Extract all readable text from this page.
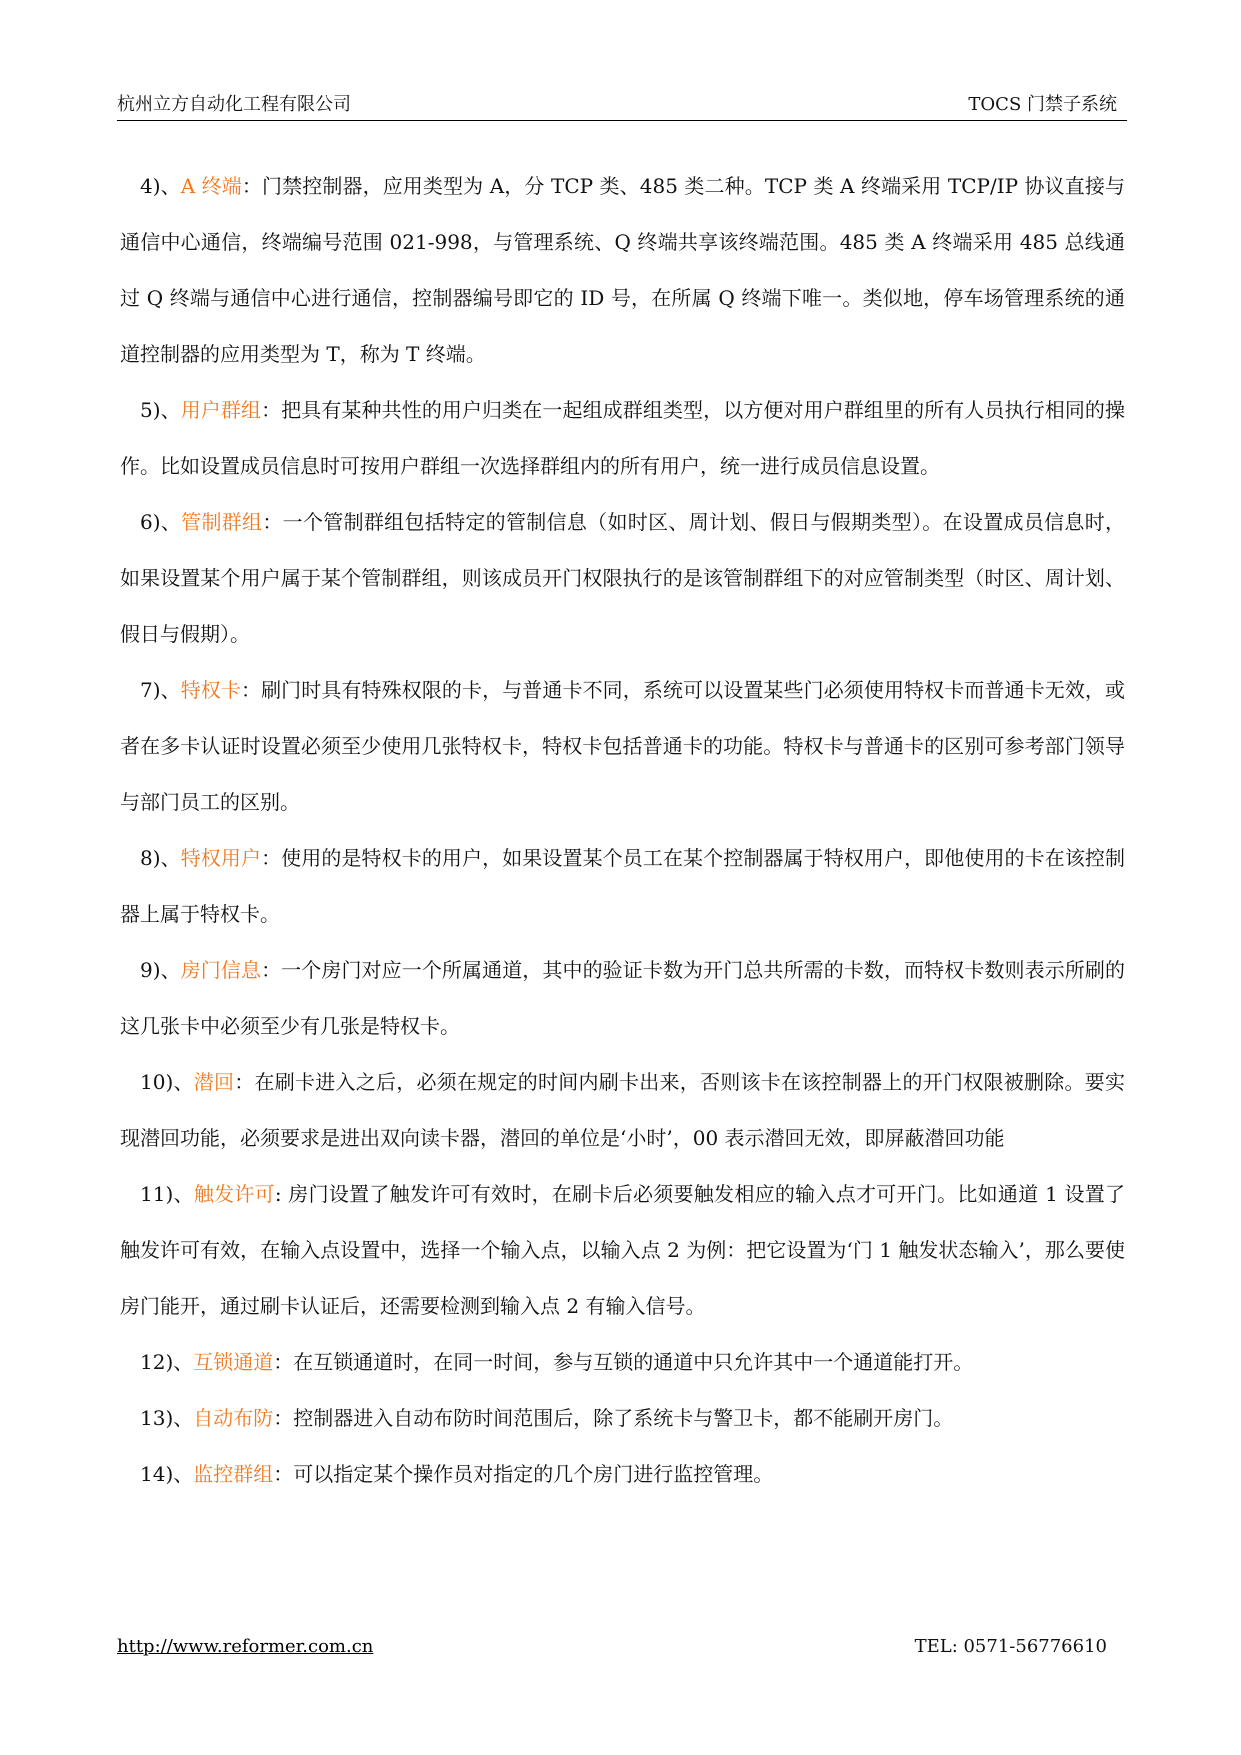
杭州立方自动化工程有限公司	TOCS 门禁子系统

4)、A 终端：门禁控制器，应用类型为 A，分 TCP 类、485 类二种。TCP 类 A 终端采用 TCP/IP 协议直接与通信中心通信，终端编号范围 021-998，与管理系统、Q 终端共享该终端范围。485 类 A 终端采用 485 总线通过 Q 终端与通信中心进行通信，控制器编号即它的 ID 号，在所属 Q 终端下唯一。类似地，停车场管理系统的通道控制器的应用类型为 T，称为 T 终端。

5)、用户群组：把具有某种共性的用户归类在一起组成群组类型，以方便对用户群组里的所有人员执行相同的操作。比如设置成员信息时可按用户群组一次选择群组内的所有用户，统一进行成员信息设置。

6)、管制群组：一个管制群组包括特定的管制信息（如时区、周计划、假日与假期类型）。在设置成员信息时，如果设置某个用户属于某个管制群组，则该成员开门权限执行的是该管制群组下的对应管制类型（时区、周计划、假日与假期）。

7)、特权卡：刷门时具有特殊权限的卡，与普通卡不同，系统可以设置某些门必须使用特权卡而普通卡无效，或者在多卡认证时设置必须至少使用几张特权卡，特权卡包括普通卡的功能。特权卡与普通卡的区别可参考部门领导与部门员工的区别。

8)、特权用户：使用的是特权卡的用户，如果设置某个员工在某个控制器属于特权用户，即他使用的卡在该控制器上属于特权卡。

9)、房门信息：一个房门对应一个所属通道，其中的验证卡数为开门总共所需的卡数，而特权卡数则表示所刷的这几张卡中必须至少有几张是特权卡。

10)、潜回：在刷卡进入之后，必须在规定的时间内刷卡出来，否则该卡在该控制器上的开门权限被删除。要实现潜回功能，必须要求是进出双向读卡器，潜回的单位是‘小时’，00 表示潜回无效，即屏蔽潜回功能

11)、触发许可: 房门设置了触发许可有效时，在刷卡后必须要触发相应的输入点才可开门。比如通道 1 设置了触发许可有效，在输入点设置中，选择一个输入点，以输入点 2 为例：把它设置为‘门 1 触发状态输入’，那么要使房门能开，通过刷卡认证后，还需要检测到输入点 2 有输入信号。

12)、互锁通道：在互锁通道时，在同一时间，参与互锁的通道中只允许其中一个通道能打开。

13)、自动布防：控制器进入自动布防时间范围后，除了系统卡与警卫卡，都不能刷开房门。

14)、监控群组：可以指定某个操作员对指定的几个房门进行监控管理。

http://www.reformer.com.cn	TEL: 0571-56776610
